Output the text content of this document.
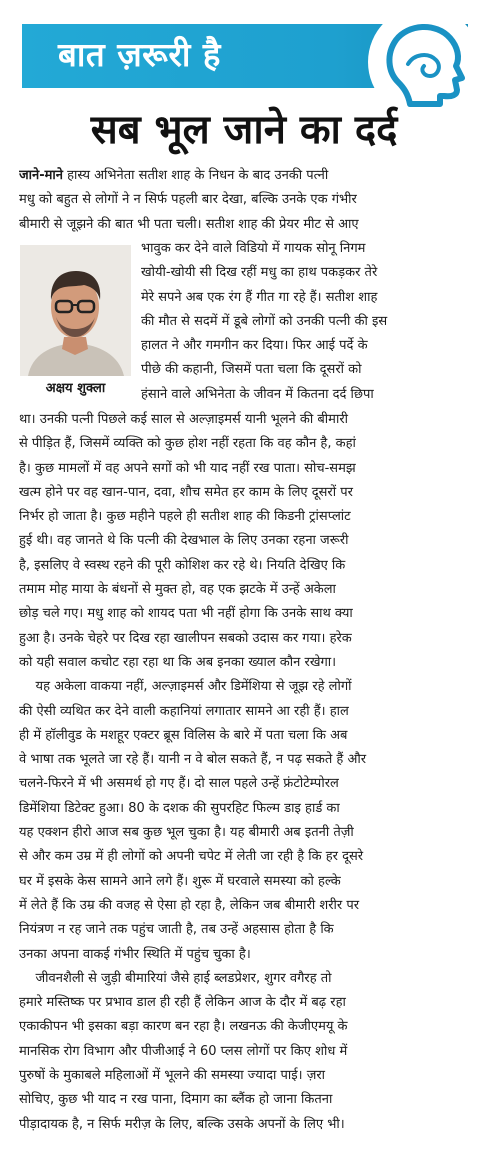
बात ज़रूरी है
सब भूल जाने का दर्द
जाने-माने हास्य अभिनेता सतीश शाह के निधन के बाद उनकी पत्नी
मधु को बहुत से लोगों ने न सिर्फ पहली बार देखा, बल्कि उनके एक गंभीर
बीमारी से जूझने की बात भी पता चली। सतीश शाह की प्रेयर मीट से आए
अक्षय शुक्ला
भावुक कर देने वाले विडियो में गायक सोनू निगम
खोयी-खोयी सी दिख रहीं मधु का हाथ पकड़कर तेरे
मेरे सपने अब एक रंग हैं गीत गा रहे हैं। सतीश शाह
की मौत से सदमें में डूबे लोगों को उनकी पत्नी की इस
हालत ने और गमगीन कर दिया। फिर आई पर्दे के
पीछे की कहानी, जिसमें पता चला कि दूसरों को
हंसाने वाले अभिनेता के जीवन में कितना दर्द छिपा
था। उनकी पत्नी पिछले कई साल से अल्ज़ाइमर्स यानी भूलने की बीमारी
से पीड़ित हैं, जिसमें व्यक्ति को कुछ होश नहीं रहता कि वह कौन है, कहां
है। कुछ मामलों में वह अपने सगों को भी याद नहीं रख पाता। सोच-समझ
खत्म होने पर वह खान-पान, दवा, शौच समेत हर काम के लिए दूसरों पर
निर्भर हो जाता है। कुछ महीने पहले ही सतीश शाह की किडनी ट्रांसप्लांट
हुई थी। वह जानते थे कि पत्नी की देखभाल के लिए उनका रहना जरूरी
है, इसलिए वे स्वस्थ रहने की पूरी कोशिश कर रहे थे। नियति देखिए कि
तमाम मोह माया के बंधनों से मुक्त हो, वह एक झटके में उन्हें अकेला
छोड़ चले गए। मधु शाह को शायद पता भी नहीं होगा कि उनके साथ क्या
हुआ है। उनके चेहरे पर दिख रहा खालीपन सबको उदास कर गया। हरेक
को यही सवाल कचोट रहा रहा था कि अब इनका ख्याल कौन रखेगा।
यह अकेला वाकया नहीं, अल्ज़ाइमर्स और डिमेंशिया से जूझ रहे लोगों
की ऐसी व्यथित कर देने वाली कहानियां लगातार सामने आ रही हैं। हाल
ही में हॉलीवुड के मशहूर एक्टर ब्रूस विलिस के बारे में पता चला कि अब
वे भाषा तक भूलते जा रहे हैं। यानी न वे बोल सकते हैं, न पढ़ सकते हैं और
चलने-फिरने में भी असमर्थ हो गए हैं। दो साल पहले उन्हें फ्रंटोटेम्पोरल
डिमेंशिया डिटेक्ट हुआ। 80 के दशक की सुपरहिट फिल्म डाइ हार्ड का
यह एक्शन हीरो आज सब कुछ भूल चुका है। यह बीमारी अब इतनी तेज़ी
से और कम उम्र में ही लोगों को अपनी चपेट में लेती जा रही है कि हर दूसरे
घर में इसके केस सामने आने लगे हैं। शुरू में घरवाले समस्या को हल्के
में लेते हैं कि उम्र की वजह से ऐसा हो रहा है, लेकिन जब बीमारी शरीर पर
नियंत्रण न रह जाने तक पहुंच जाती है, तब उन्हें अहसास होता है कि
उनका अपना वाकई गंभीर स्थिति में पहुंच चुका है।
जीवनशैली से जुड़ी बीमारियां जैसे हाई ब्लडप्रेशर, शुगर वगैरह तो
हमारे मस्तिष्क पर प्रभाव डाल ही रही हैं लेकिन आज के दौर में बढ़ रहा
एकाकीपन भी इसका बड़ा कारण बन रहा है। लखनऊ की केजीएमयू के
मानसिक रोग विभाग और पीजीआई ने 60 प्लस लोगों पर किए शोध में
पुरुषों के मुकाबले महिलाओं में भूलने की समस्या ज्यादा पाई। ज़रा
सोचिए, कुछ भी याद न रख पाना, दिमाग का ब्लैंक हो जाना कितना
पीड़ादायक है, न सिर्फ मरीज़ के लिए, बल्कि उसके अपनों के लिए भी।
